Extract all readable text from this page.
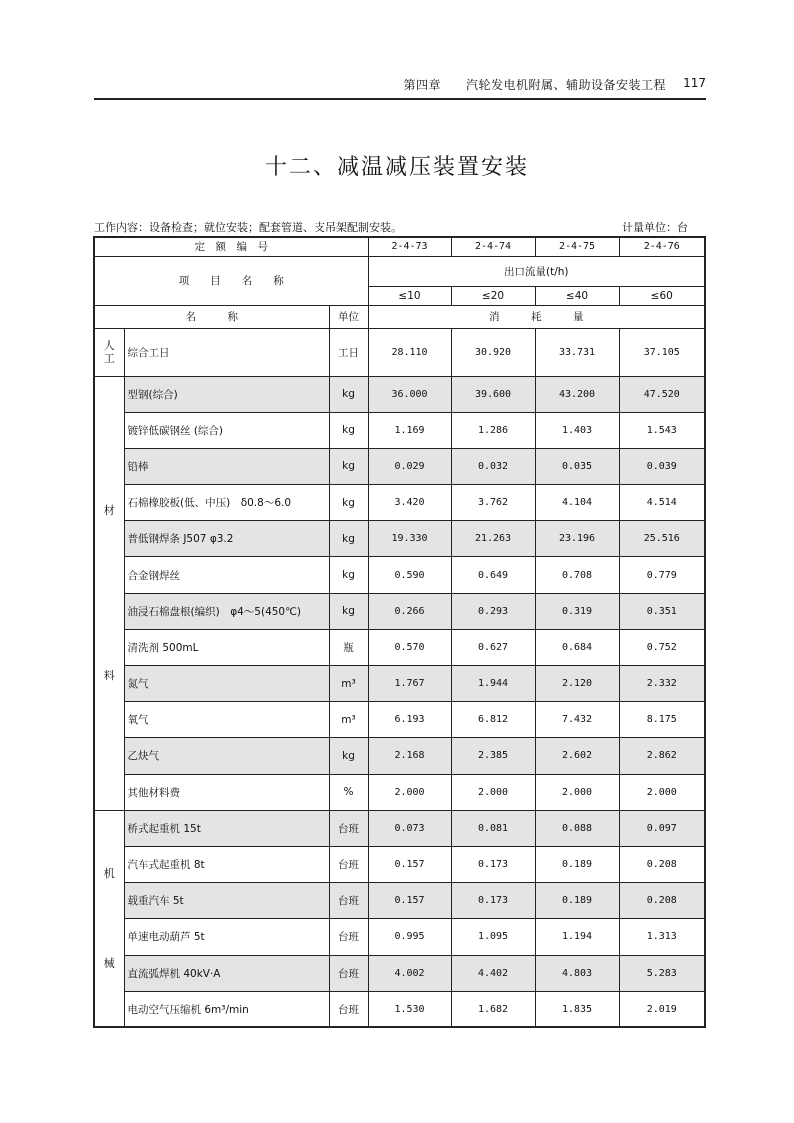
第四章　　汽轮发电机附属、辅助设备安装工程 117
十二、减温减压装置安装
工作内容：设备检查；就位安装；配套管道、支吊架配制安装。	计量单位：台
定　额　编　号			2-4-73	2-4-74	2-4-75	2-4-76
项　　目　　名　　称			出口流量(t/h)			
			≤10	≤20	≤40	≤60
名　　　称		单位	消　　　耗　　　量			

人
工	综合工日	工日	28.110	30.920	33.731	37.105

材
料	型钢(综合)	kg	36.000	39.600	43.200	47.520
	镀锌低碳钢丝 (综合)	kg	1.169	1.286	1.403	1.543
	铅棒	kg	0.029	0.032	0.035	0.039
	石棉橡胶板(低、中压)　δ0.8～6.0	kg	3.420	3.762	4.104	4.514
	普低钢焊条 J507 φ3.2	kg	19.330	21.263	23.196	25.516
	合金钢焊丝	kg	0.590	0.649	0.708	0.779
	油浸石棉盘根(编织)　φ4～5(450℃)	kg	0.266	0.293	0.319	0.351
	清洗剂 500mL	瓶	0.570	0.627	0.684	0.752
	氮气	m³	1.767	1.944	2.120	2.332
	氧气	m³	6.193	6.812	7.432	8.175
	乙炔气	kg	2.168	2.385	2.602	2.862
	其他材料费	%	2.000	2.000	2.000	2.000

机
械	桥式起重机 15t	台班	0.073	0.081	0.088	0.097
	汽车式起重机 8t	台班	0.157	0.173	0.189	0.208
	载重汽车 5t	台班	0.157	0.173	0.189	0.208
	单速电动葫芦 5t	台班	0.995	1.095	1.194	1.313
	直流弧焊机 40kV·A	台班	4.002	4.402	4.803	5.283
	电动空气压缩机 6m³/min	台班	1.530	1.682	1.835	2.019
